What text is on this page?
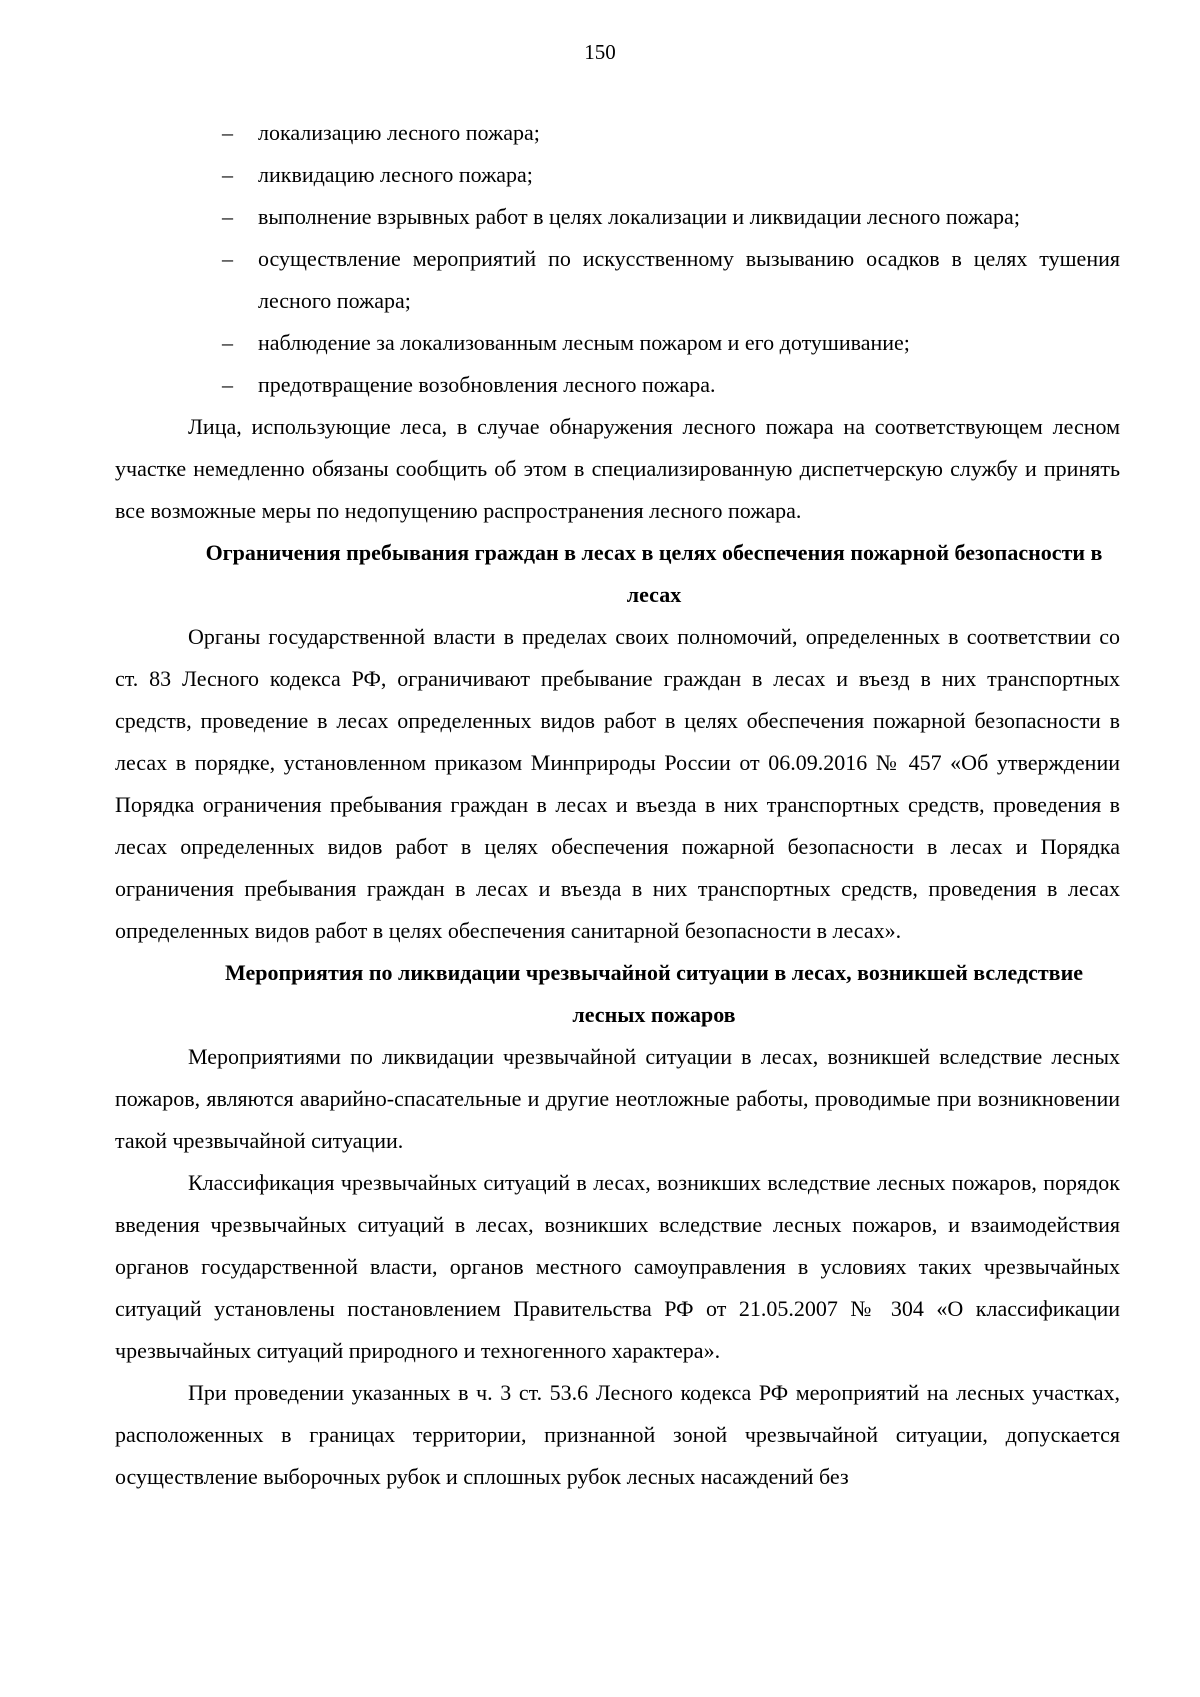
150
– локализацию лесного пожара;
– ликвидацию лесного пожара;
– выполнение взрывных работ в целях локализации и ликвидации лесного пожара;
– осуществление мероприятий по искусственному вызыванию осадков в целях тушения лесного пожара;
– наблюдение за локализованным лесным пожаром и его дотушивание;
– предотвращение возобновления лесного пожара.

Лица, использующие леса, в случае обнаружения лесного пожара на соответствующем лесном участке немедленно обязаны сообщить об этом в специализированную диспетчерскую службу и принять все возможные меры по недопущению распространения лесного пожара.

Ограничения пребывания граждан в лесах в целях обеспечения пожарной безопасности в лесах

Органы государственной власти в пределах своих полномочий, определенных в соответствии со ст. 83 Лесного кодекса РФ, ограничивают пребывание граждан в лесах и въезд в них транспортных средств, проведение в лесах определенных видов работ в целях обеспечения пожарной безопасности в лесах в порядке, установленном приказом Минприроды России от 06.09.2016 № 457 «Об утверждении Порядка ограничения пребывания граждан в лесах и въезда в них транспортных средств, проведения в лесах определенных видов работ в целях обеспечения пожарной безопасности в лесах и Порядка ограничения пребывания граждан в лесах и въезда в них транспортных средств, проведения в лесах определенных видов работ в целях обеспечения санитарной безопасности в лесах».

Мероприятия по ликвидации чрезвычайной ситуации в лесах, возникшей вследствие лесных пожаров

Мероприятиями по ликвидации чрезвычайной ситуации в лесах, возникшей вследствие лесных пожаров, являются аварийно-спасательные и другие неотложные работы, проводимые при возникновении такой чрезвычайной ситуации.

Классификация чрезвычайных ситуаций в лесах, возникших вследствие лесных пожаров, порядок введения чрезвычайных ситуаций в лесах, возникших вследствие лесных пожаров, и взаимодействия органов государственной власти, органов местного самоуправления в условиях таких чрезвычайных ситуаций установлены постановлением Правительства РФ от 21.05.2007 № 304 «О классификации чрезвычайных ситуаций природного и техногенного характера».

При проведении указанных в ч. 3 ст. 53.6 Лесного кодекса РФ мероприятий на лесных участках, расположенных в границах территории, признанной зоной чрезвычайной ситуации, допускается осуществление выборочных рубок и сплошных рубок лесных насаждений без
